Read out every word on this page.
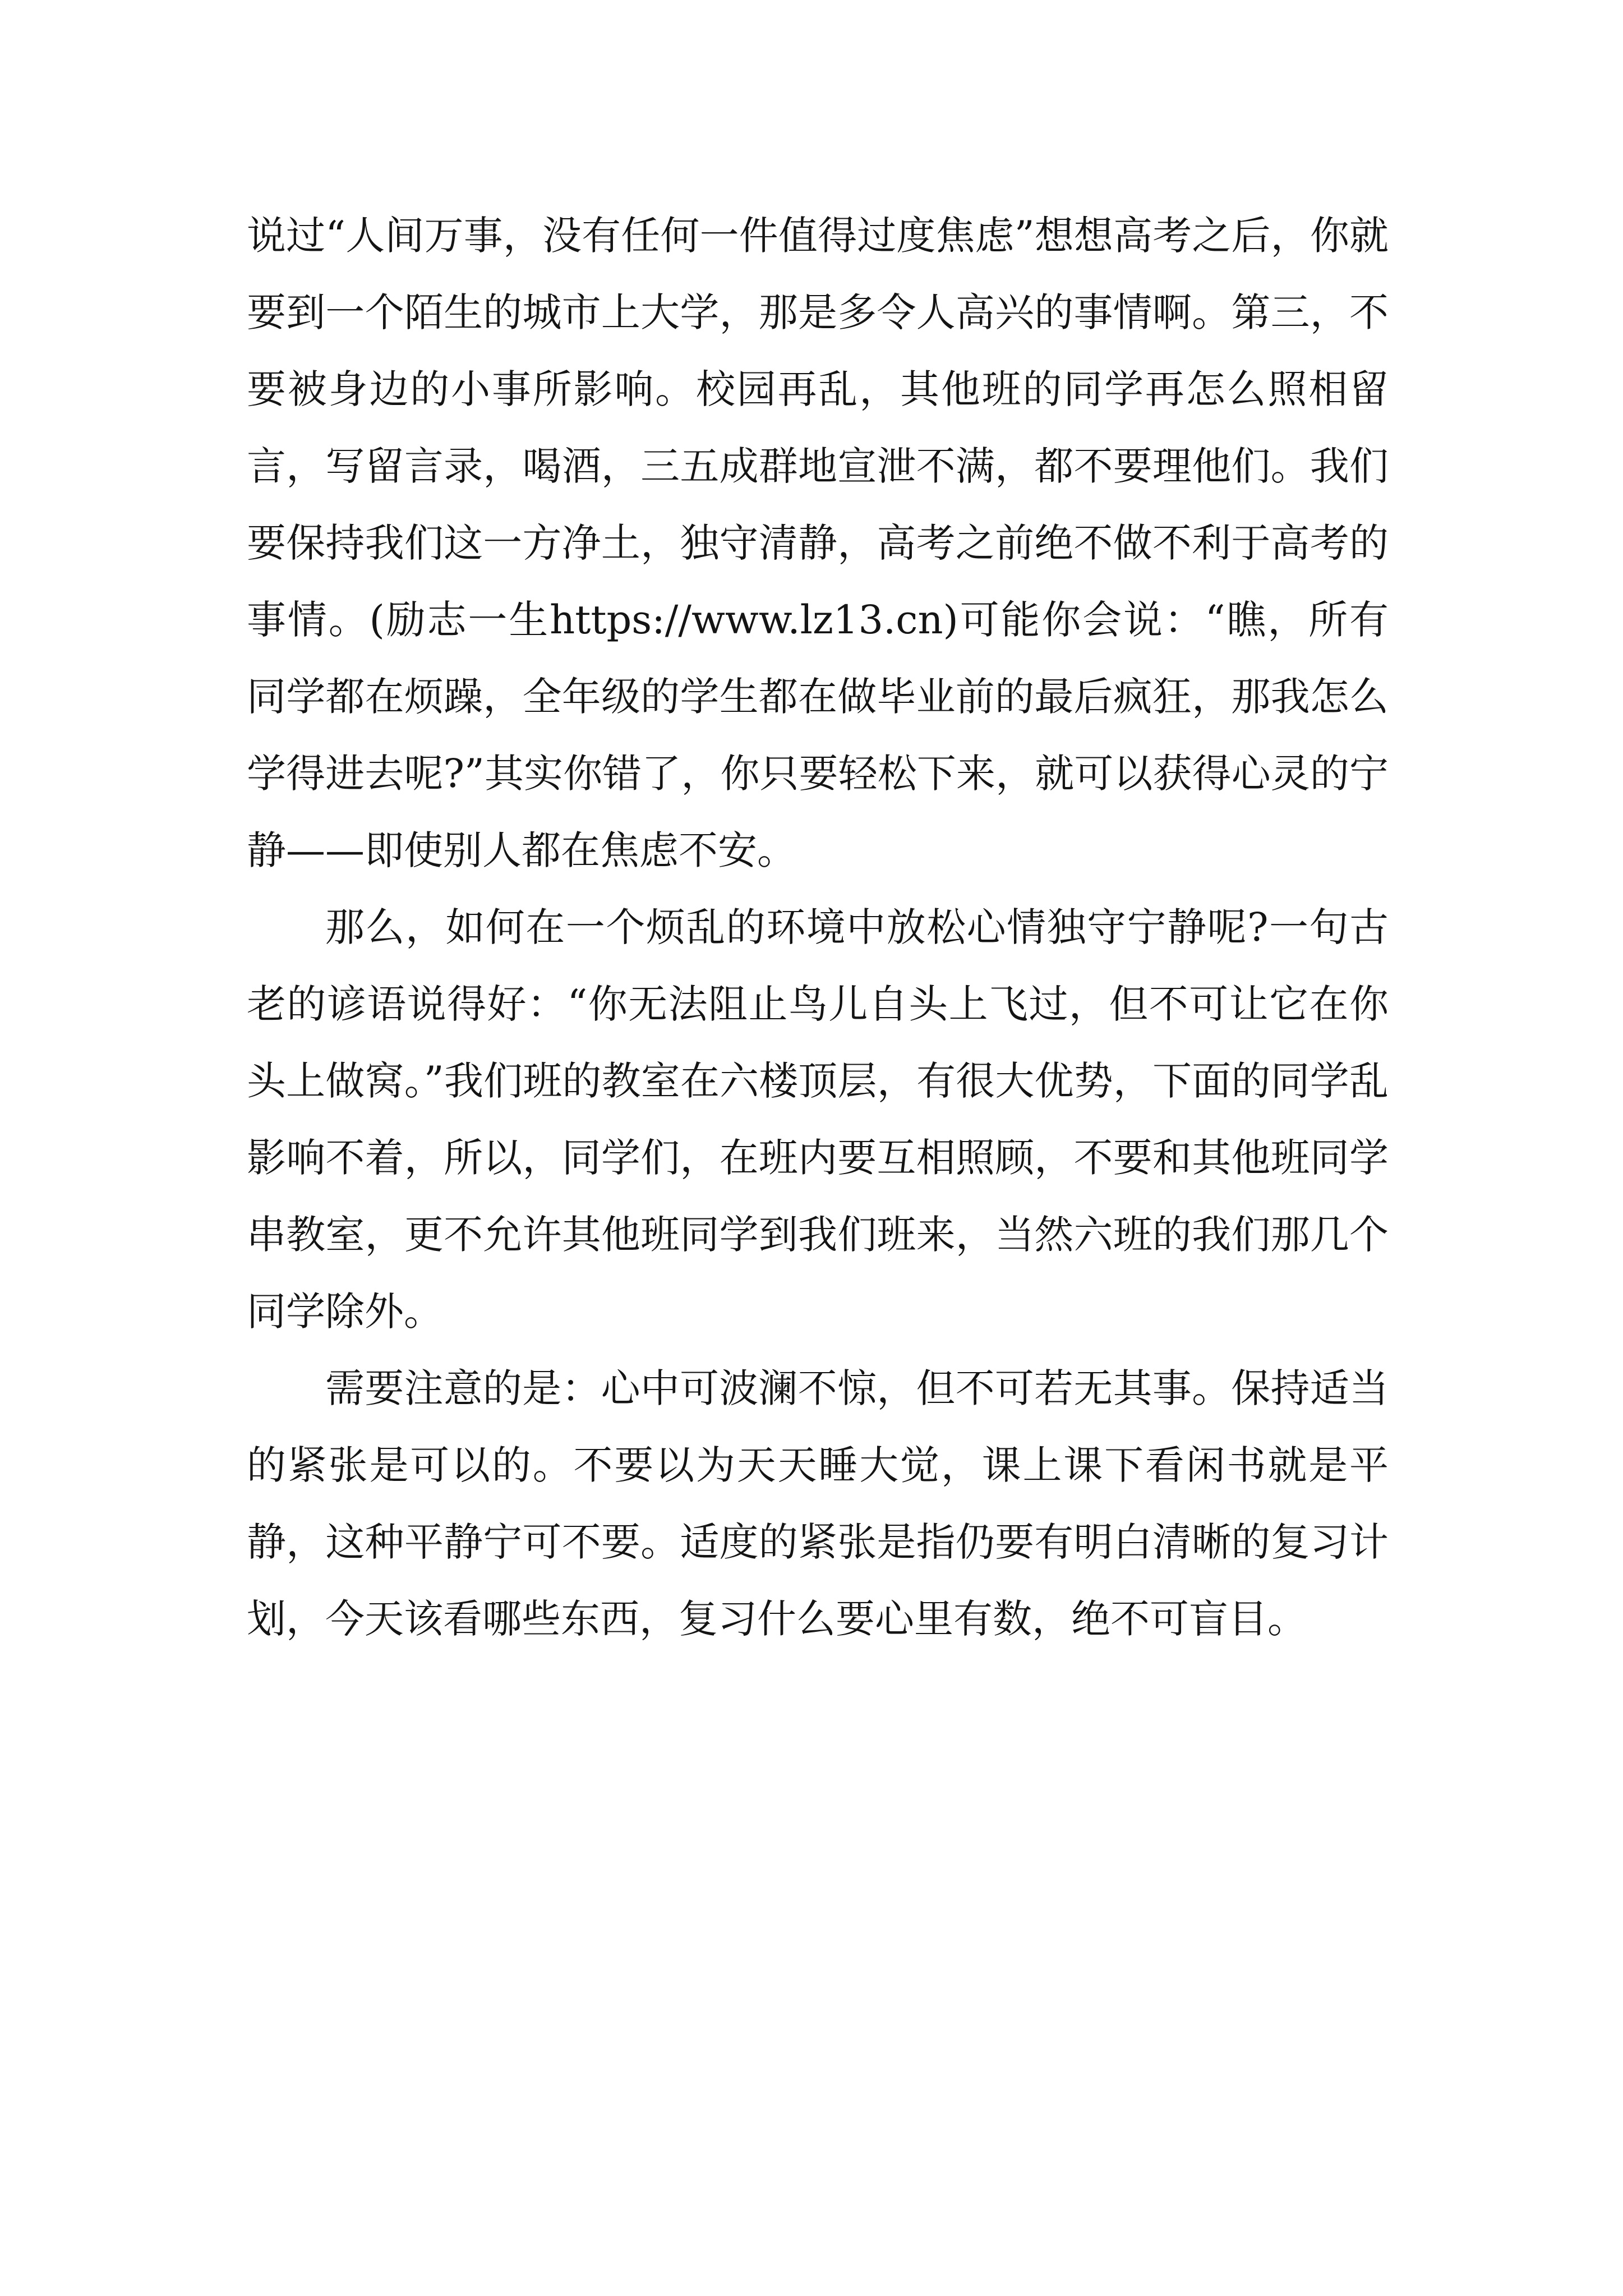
说过“人间万事，没有任何一件值得过度焦虑”想想高考之后，你就要到一个陌生的城市上大学，那是多令人高兴的事情啊。第三，不要被身边的小事所影响。校园再乱，其他班的同学再怎么照相留言，写留言录，喝酒，三五成群地宣泄不满，都不要理他们。我们要保持我们这一方净土，独守清静，高考之前绝不做不利于高考的事情。(励志一生https://www.lz13.cn)可能你会说：“瞧，所有同学都在烦躁，全年级的学生都在做毕业前的最后疯狂，那我怎么学得进去呢?”其实你错了，你只要轻松下来，就可以获得心灵的宁静——即使别人都在焦虑不安。

那么，如何在一个烦乱的环境中放松心情独守宁静呢?一句古老的谚语说得好：“你无法阻止鸟儿自头上飞过，但不可让它在你头上做窝。”我们班的教室在六楼顶层，有很大优势，下面的同学乱影响不着，所以，同学们，在班内要互相照顾，不要和其他班同学串教室，更不允许其他班同学到我们班来，当然六班的我们那几个同学除外。

需要注意的是：心中可波澜不惊，但不可若无其事。保持适当的紧张是可以的。不要以为天天睡大觉，课上课下看闲书就是平静，这种平静宁可不要。适度的紧张是指仍要有明白清晰的复习计划，今天该看哪些东西，复习什么要心里有数，绝不可盲目。
